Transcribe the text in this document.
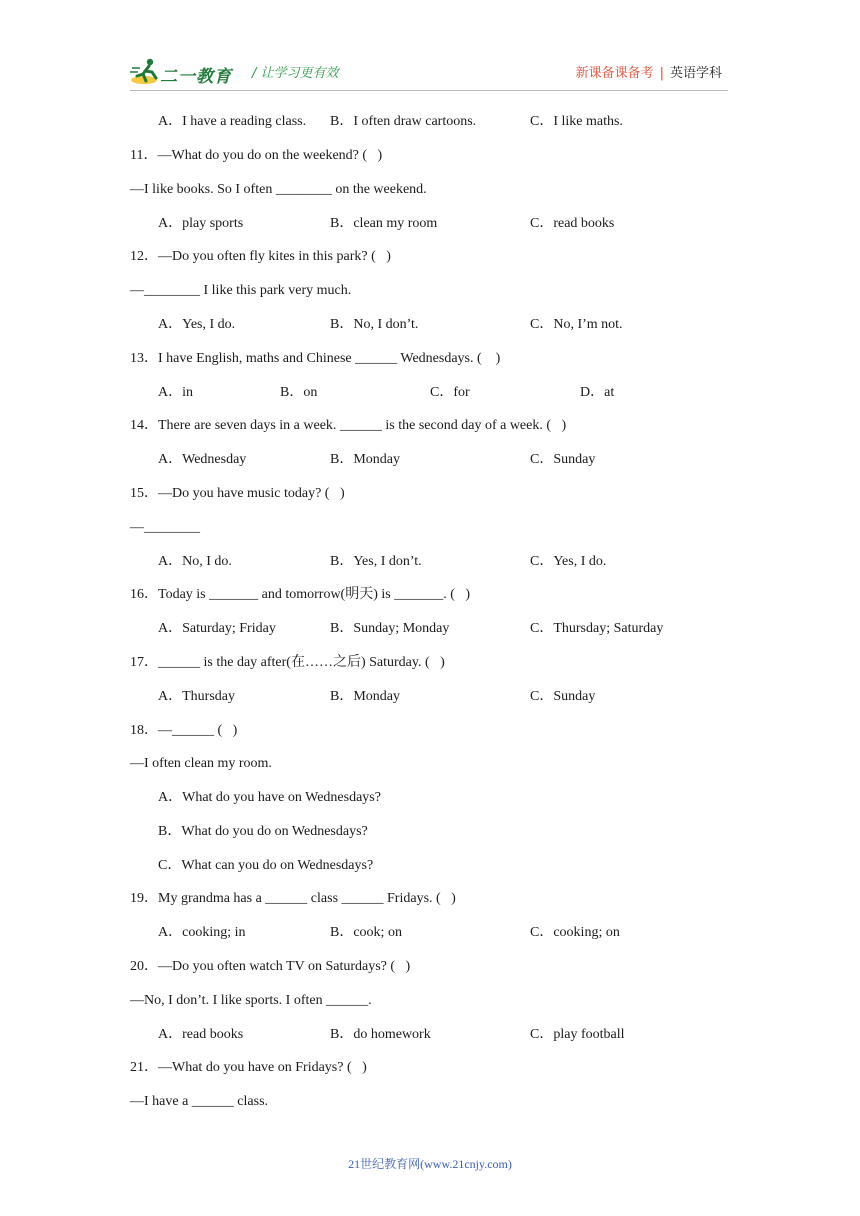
二一教育 / 让学习更有效	新课备课备考 | 英语学科
A．I have a reading class. B．I often draw cartoons.	C．I like maths.
11．—What do you do on the weekend? (   )
—I like books. So I often ________ on the weekend.
A．play sports	B．clean my room	C．read books
12．—Do you often fly kites in this park? (   )
—________ I like this park very much.
A．Yes, I do.	B．No, I don’t.	C．No, I’m not.
13．I have English, maths and Chinese ______ Wednesdays. (    )
A．in	B．on	C．for	D．at
14．There are seven days in a week. ______ is the second day of a week. (   )
A．Wednesday	B．Monday	C．Sunday
15．—Do you have music today? (   )
—________
A．No, I do.	B．Yes, I don’t.	C．Yes, I do.
16．Today is _______ and tomorrow(明天) is _______. (   )
A．Saturday; Friday	B．Sunday; Monday	C．Thursday; Saturday
17．______ is the day after(在……之后) Saturday. (   )
A．Thursday	B．Monday	C．Sunday
18．—______ (   )
—I often clean my room.
A．What do you have on Wednesdays?
B．What do you do on Wednesdays?
C．What can you do on Wednesdays?
19．My grandma has a ______ class ______ Fridays. (   )
A．cooking; in	B．cook; on	C．cooking; on
20．—Do you often watch TV on Saturdays? (   )
—No, I don’t. I like sports. I often ______.
A．read books	B．do homework	C．play football
21．—What do you have on Fridays? (   )
—I have a ______ class.
21世纪教育网(www.21cnjy.com)
